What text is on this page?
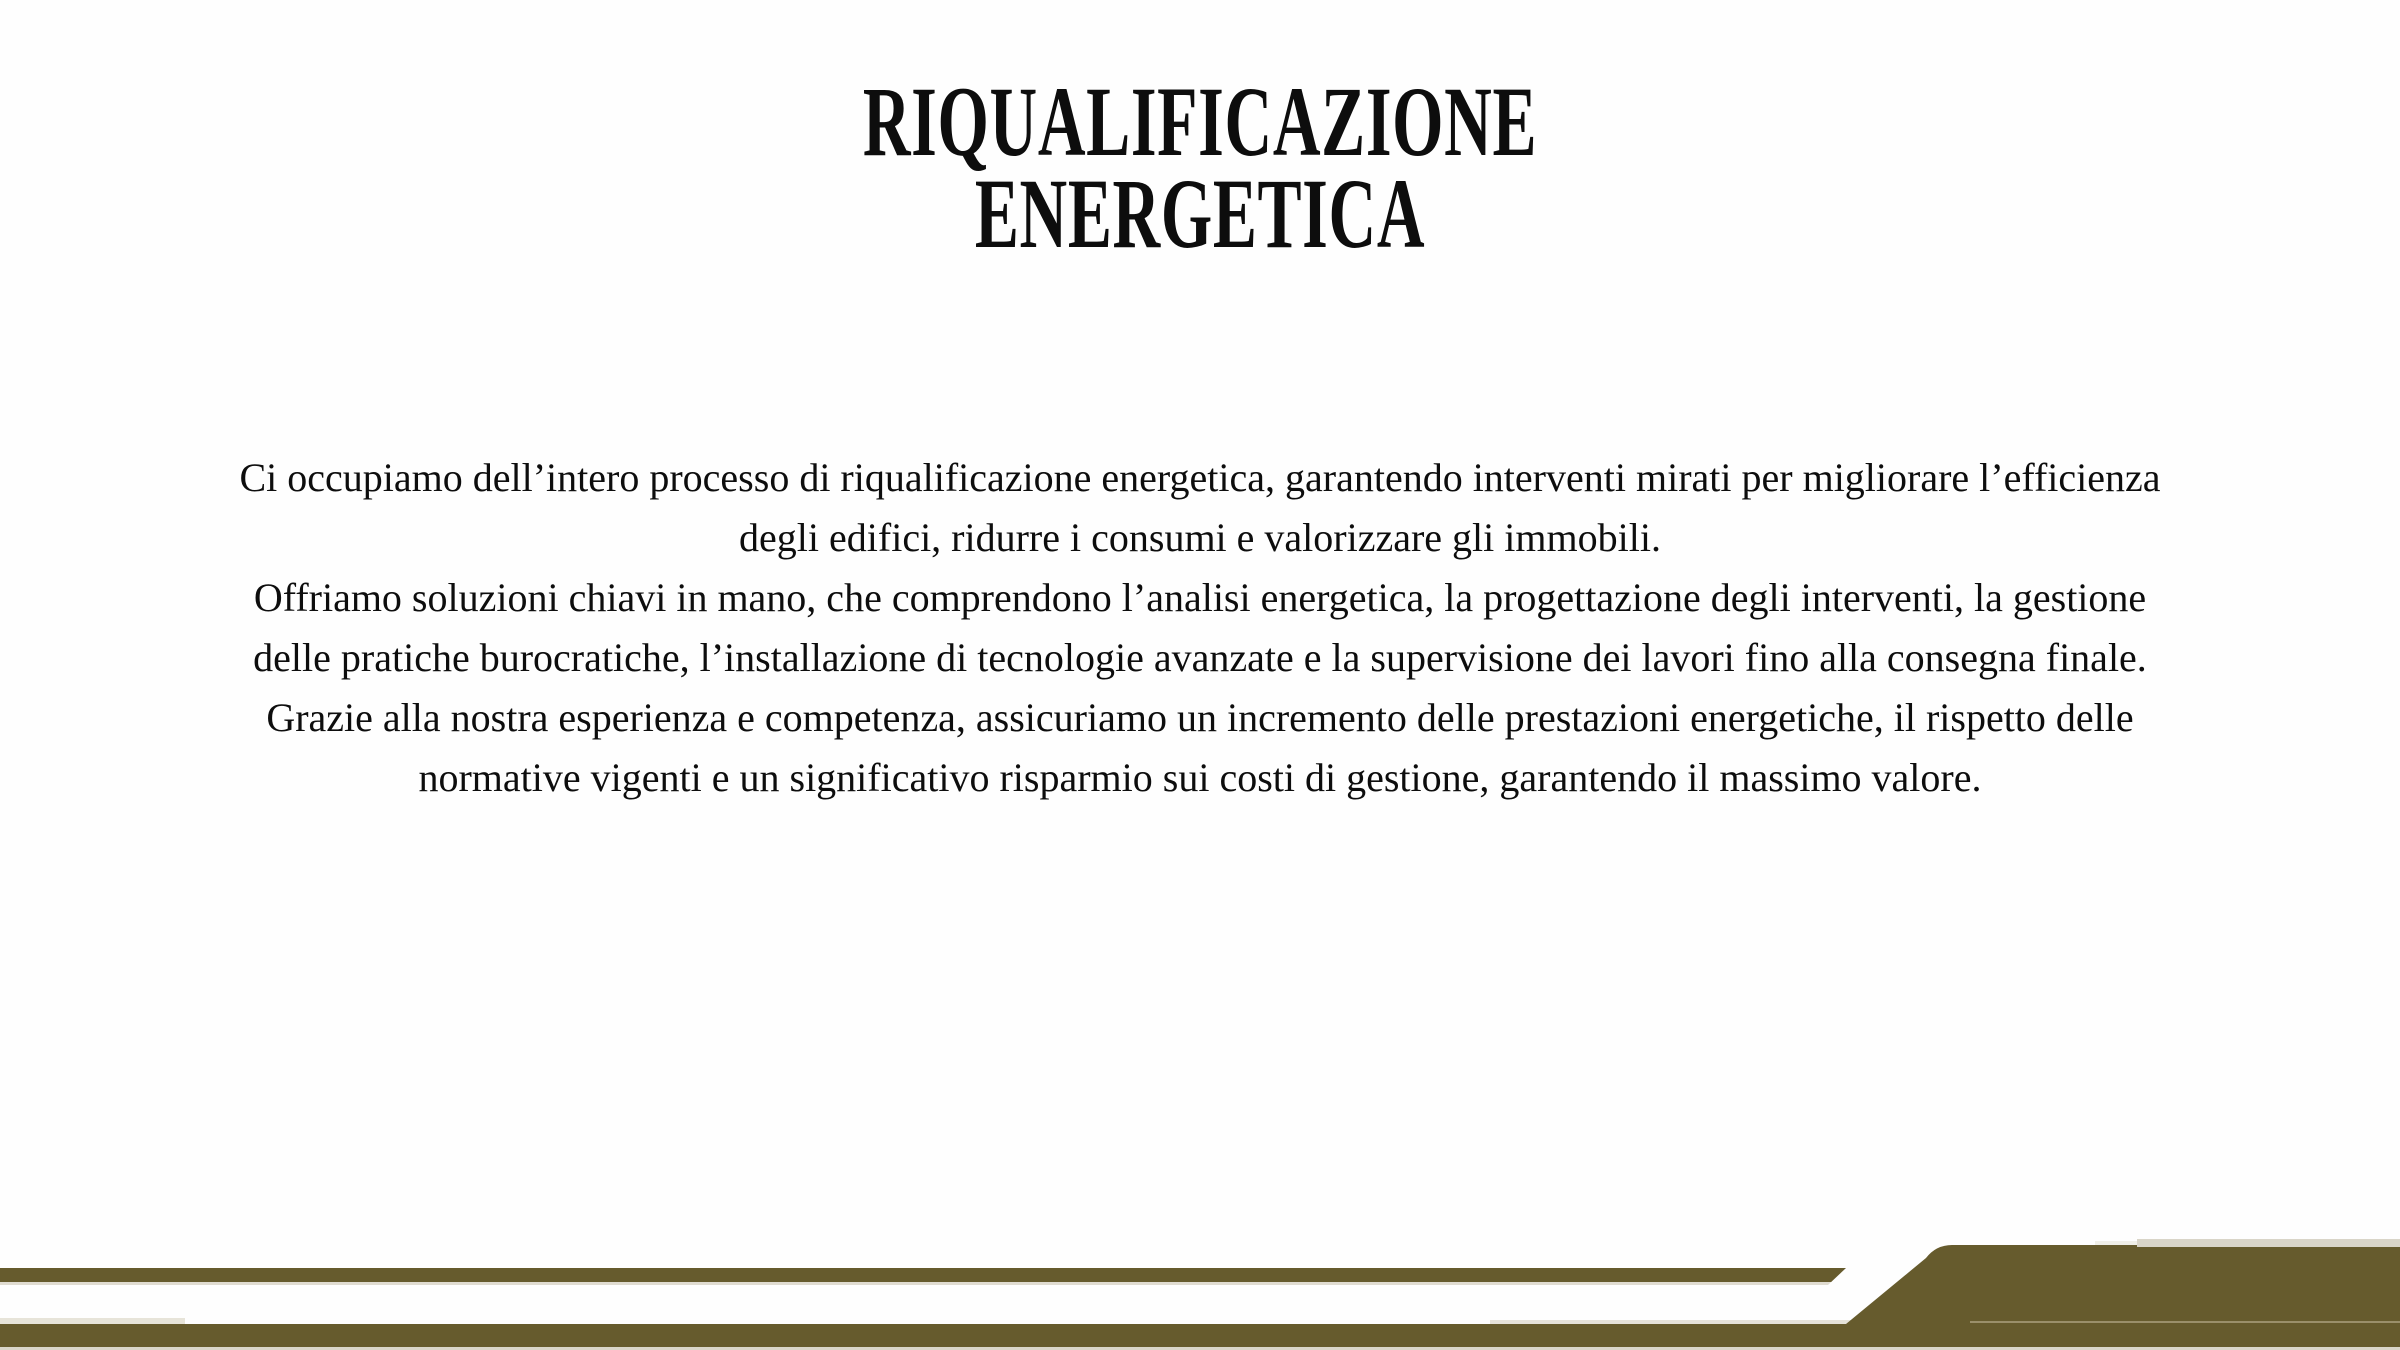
RIQUALIFICAZIONE
ENERGETICA

Ci occupiamo dell’intero processo di riqualificazione energetica, garantendo interventi mirati per migliorare l’efficienza
degli edifici, ridurre i consumi e valorizzare gli immobili.

Offriamo soluzioni chiavi in mano, che comprendono l’analisi energetica, la progettazione degli interventi, la gestione
delle pratiche burocratiche, l’installazione di tecnologie avanzate e la supervisione dei lavori fino alla consegna finale.

Grazie alla nostra esperienza e competenza, assicuriamo un incremento delle prestazioni energetiche, il rispetto delle
normative vigenti e un significativo risparmio sui costi di gestione, garantendo il massimo valore.
